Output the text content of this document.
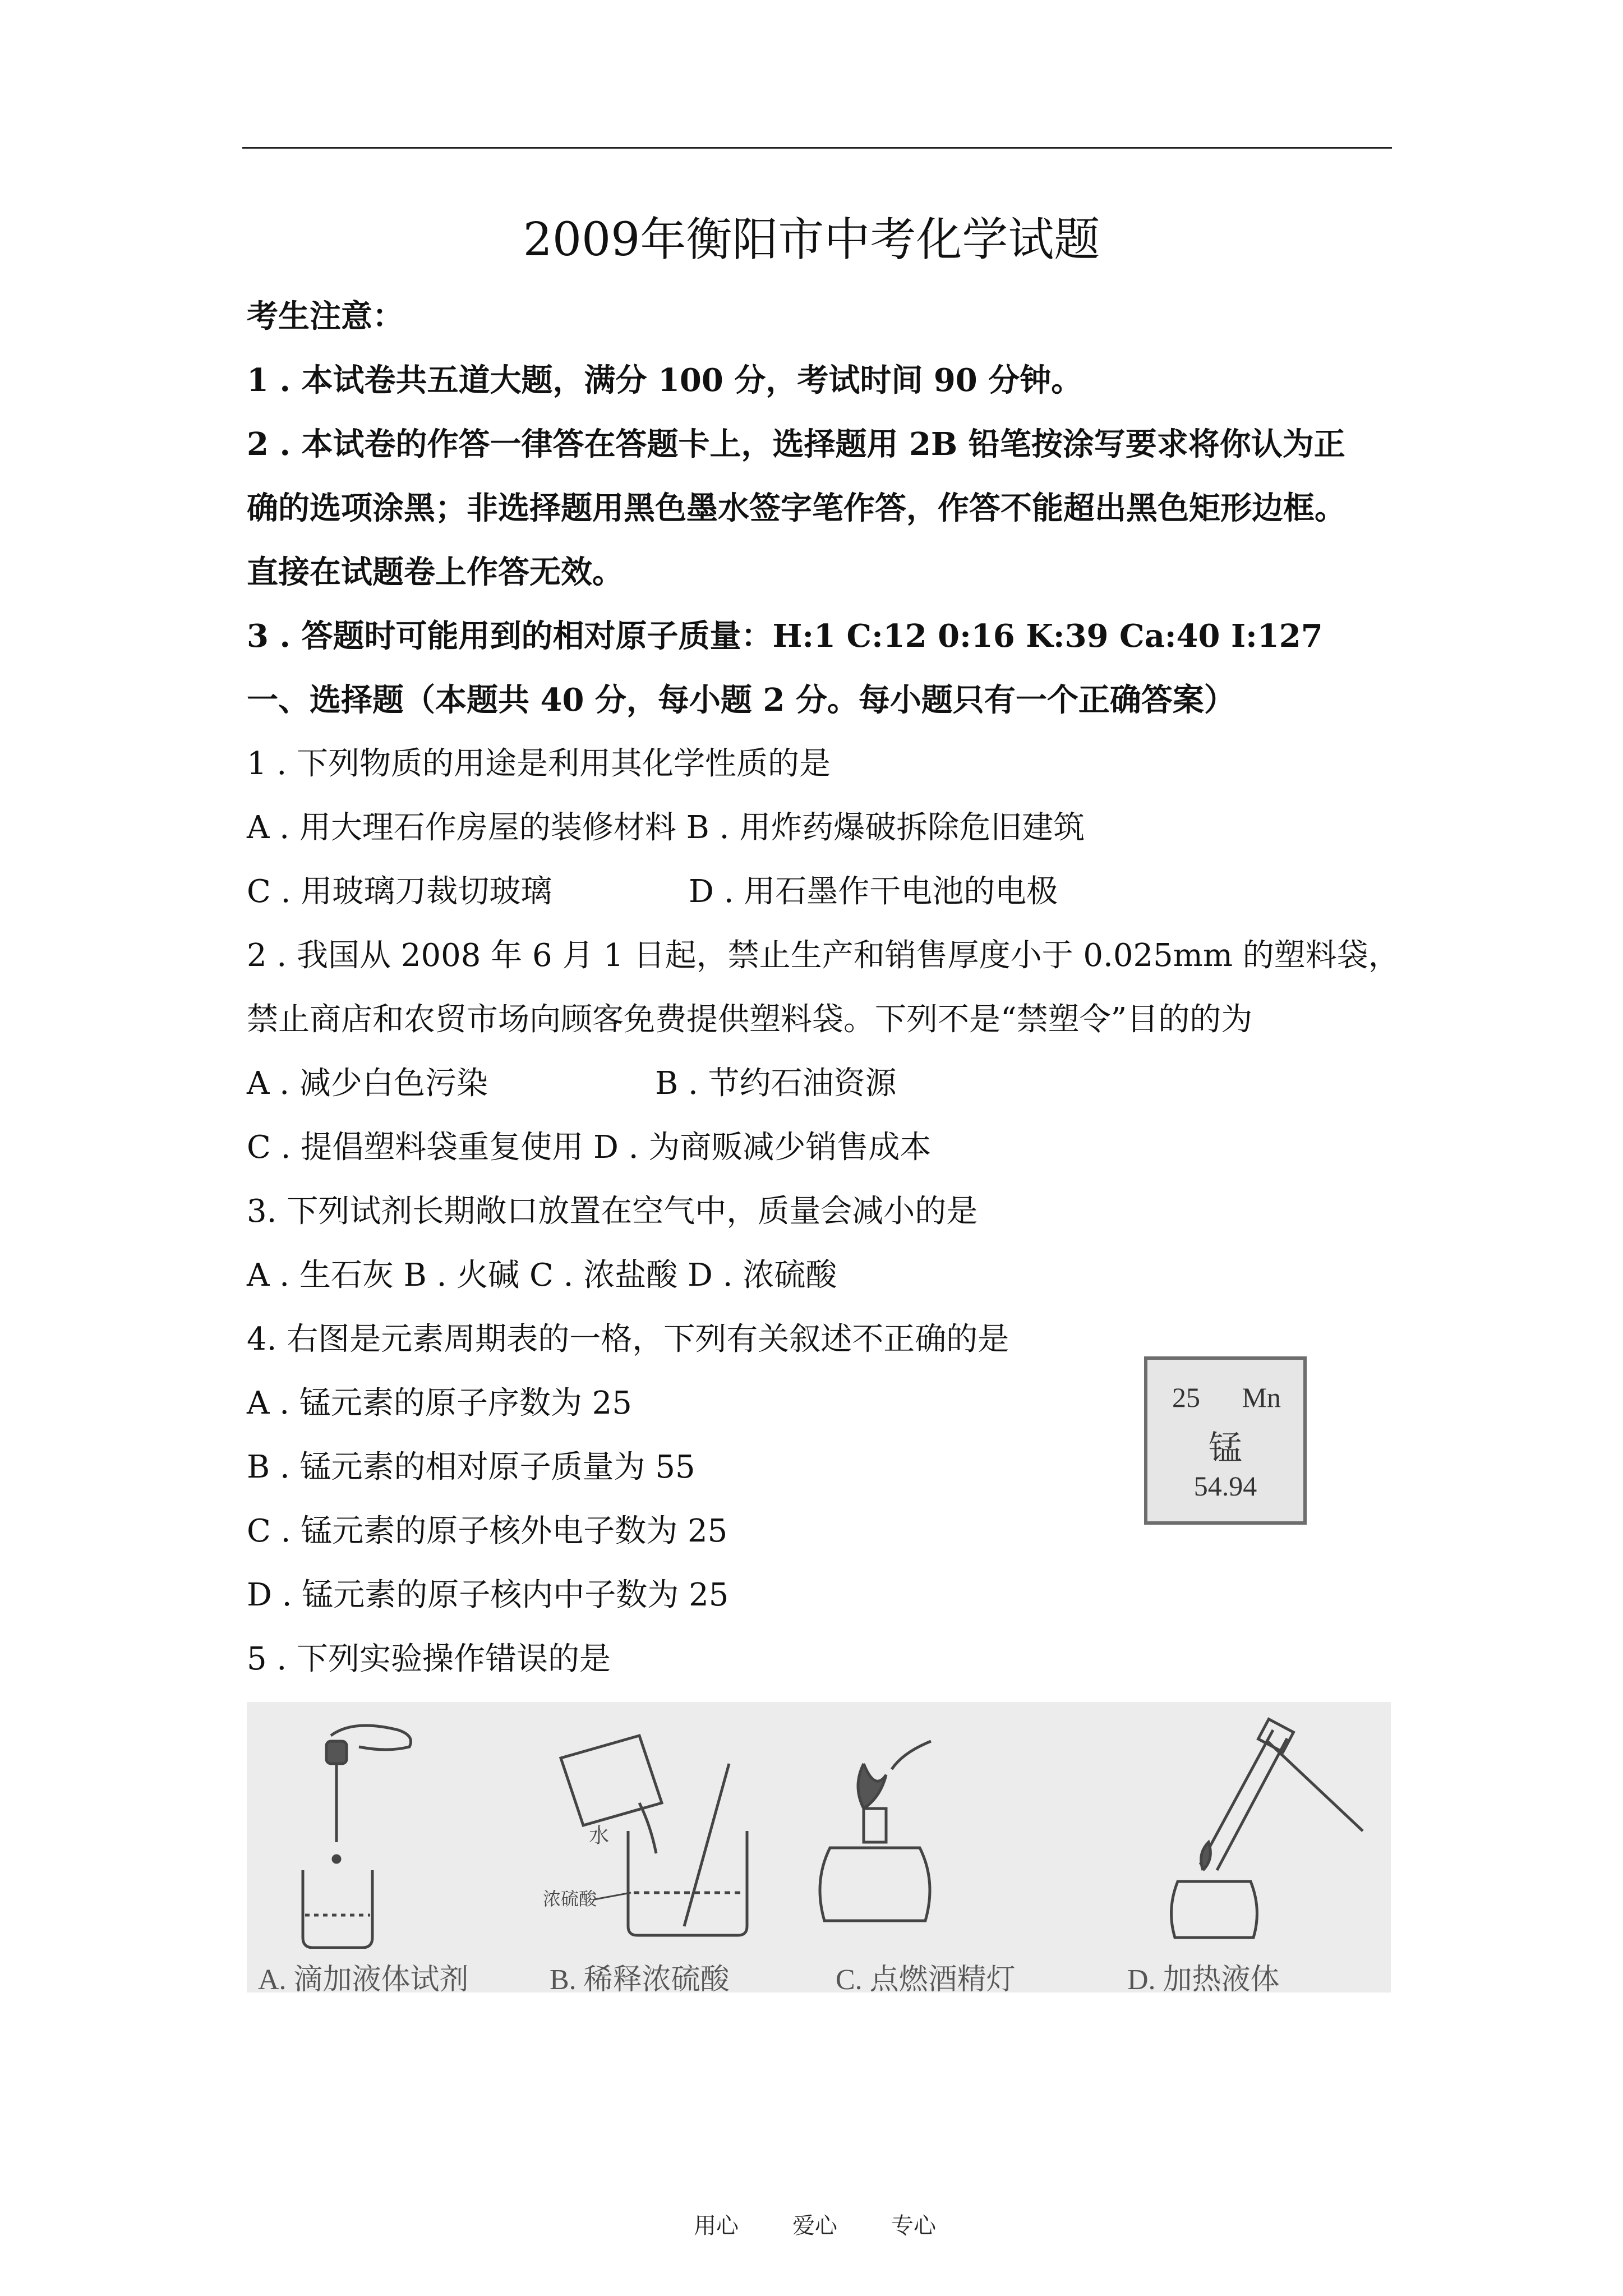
2009年衡阳市中考化学试题
考生注意：
1 . 本试卷共五道大题，满分 100 分，考试时间 90 分钟。
2 . 本试卷的作答一律答在答题卡上，选择题用 2B 铅笔按涂写要求将你认为正
确的选项涂黑；非选择题用黑色墨水签字笔作答，作答不能超出黑色矩形边框。
直接在试题卷上作答无效。
3 . 答题时可能用到的相对原子质量：H:1 C:12 0:16 K:39 Ca:40 I:127
一、选择题（本题共 40 分，每小题 2 分。每小题只有一个正确答案）
1 . 下列物质的用途是利用其化学性质的是
A . 用大理石作房屋的装修材料 B . 用炸药爆破拆除危旧建筑
C . 用玻璃刀裁切玻璃	D . 用石墨作干电池的电极
2 . 我国从 2008 年 6 月 1 日起，禁止生产和销售厚度小于 0.025mm 的塑料袋，
禁止商店和农贸市场向顾客免费提供塑料袋。下列不是“禁塑令”目的的为
A . 减少白色污染	B . 节约石油资源
C . 提倡塑料袋重复使用 D . 为商贩减少销售成本
3. 下列试剂长期敞口放置在空气中，质量会减小的是
A . 生石灰 B . 火碱 C . 浓盐酸 D . 浓硫酸
4. 右图是元素周期表的一格，下列有关叙述不正确的是
A . 锰元素的原子序数为 25
B . 锰元素的相对原子质量为 55
C . 锰元素的原子核外电子数为 25
D . 锰元素的原子核内中子数为 25
25 Mn
锰
54.94
5 . 下列实验操作错误的是
水
浓硫酸
A. 滴加液体试剂	B. 稀释浓硫酸	C. 点燃酒精灯	D. 加热液体
用心 爱心 专心
